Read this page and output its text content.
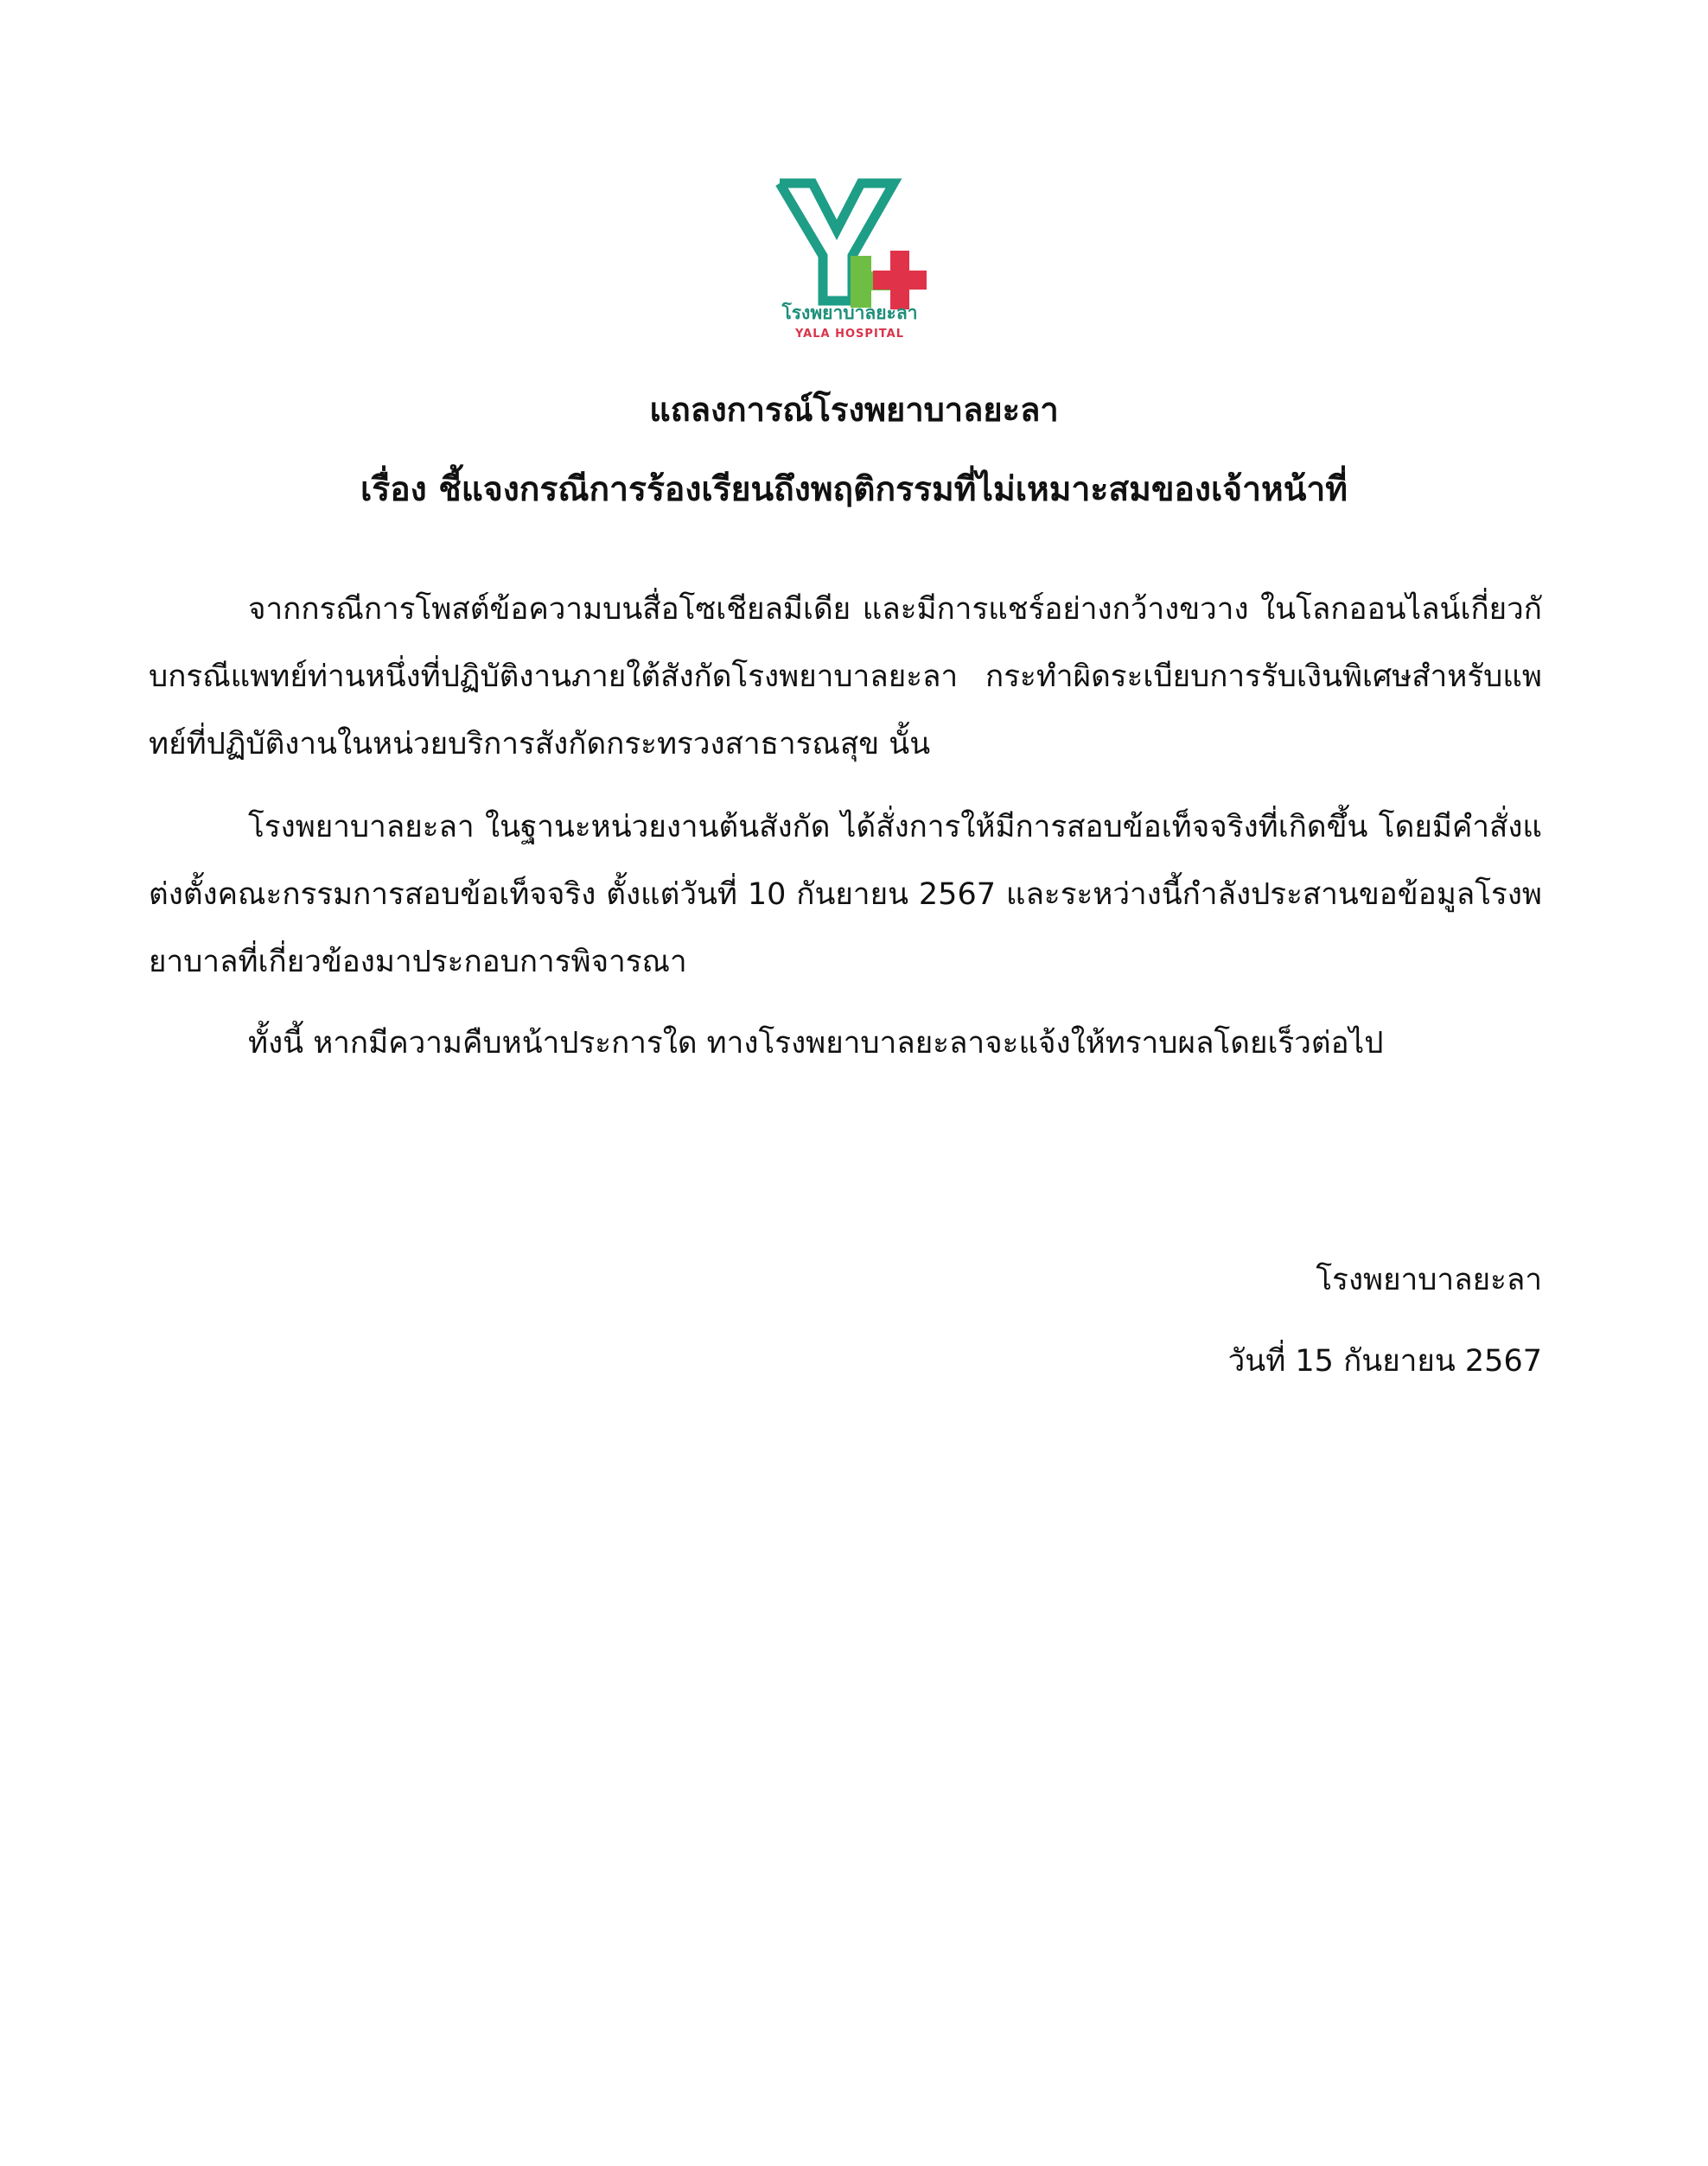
โรงพยาบาลยะลา
YALA HOSPITAL
แถลงการณ์โรงพยาบาลยะลา
เรื่อง ชี้แจงกรณีการร้องเรียนถึงพฤติกรรมที่ไม่เหมาะสมของเจ้าหน้าที่

จากกรณีการโพสต์ข้อความบนสื่อโซเชียลมีเดีย และมีการแชร์อย่างกว้างขวาง ในโลกออนไลน์เกี่ยวกับกรณีแพทย์ท่านหนึ่งที่ปฏิบัติงานภายใต้สังกัดโรงพยาบาลยะลา กระทำผิดระเบียบการรับเงินพิเศษสำหรับแพทย์ที่ปฏิบัติงานในหน่วยบริการสังกัดกระทรวงสาธารณสุข นั้น

โรงพยาบาลยะลา ในฐานะหน่วยงานต้นสังกัด ได้สั่งการให้มีการสอบข้อเท็จจริงที่เกิดขึ้น โดยมีคำสั่งแต่งตั้งคณะกรรมการสอบข้อเท็จจริง ตั้งแต่วันที่ 10 กันยายน 2567 และระหว่างนี้กำลังประสานขอข้อมูลโรงพยาบาลที่เกี่ยวข้องมาประกอบการพิจารณา

ทั้งนี้ หากมีความคืบหน้าประการใด ทางโรงพยาบาลยะลาจะแจ้งให้ทราบผลโดยเร็วต่อไป

โรงพยาบาลยะลา
วันที่ 15 กันยายน 2567
